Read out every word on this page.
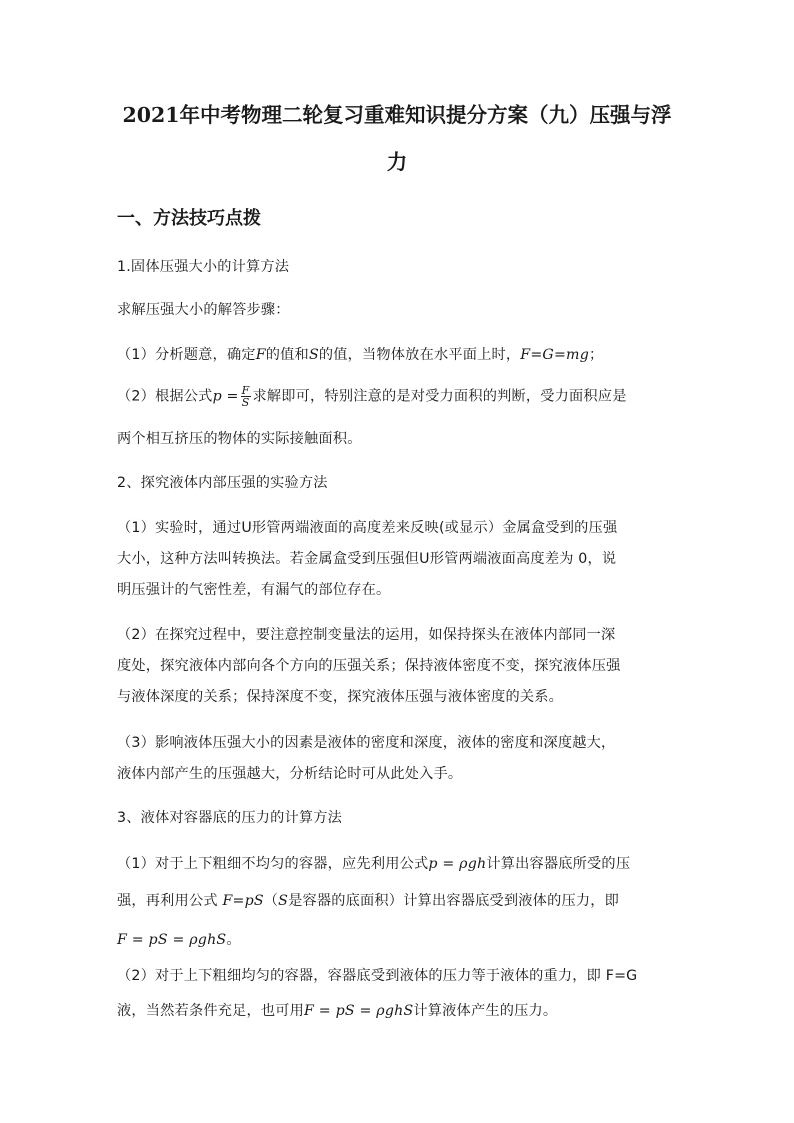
2021年中考物理二轮复习重难知识提分方案（九）压强与浮
力
一、方法技巧点拨
1.固体压强大小的计算方法
求解压强大小的解答步骤：
（1）分析题意，确定F的值和S的值，当物体放在水平面上时，F=G=mg；
（2）根据公式$p = \frac{F}{S}$ 求解即可，特别注意的是对受力面积的判断，受力面积应是
两个相互挤压的物体的实际接触面积。
2、探究液体内部压强的实验方法
（1）实验时，通过U形管两端液面的高度差来反映(或显示）金属盒受到的压强
大小，这种方法叫转换法。若金属盒受到压强但U形管两端液面高度差为 0，说
明压强计的气密性差，有漏气的部位存在。
（2）在探究过程中，要注意控制变量法的运用，如保持探头在液体内部同一深
度处，探究液体内部向各个方向的压强关系；保持液体密度不变，探究液体压强
与液体深度的关系；保持深度不变，探究液体压强与液体密度的关系。
（3）影响液体压强大小的因素是液体的密度和深度，液体的密度和深度越大，
液体内部产生的压强越大，分析结论时可从此处入手。
3、液体对容器底的压力的计算方法
（1）对于上下粗细不均匀的容器，应先利用公式p = ρgh计算出容器底所受的压
强，再利用公式 F=pS（S是容器的底面积）计算出容器底受到液体的压力，即
F = pS = ρghS。
（2）对于上下粗细均匀的容器，容器底受到液体的压力等于液体的重力，即 F=G
液，当然若条件充足，也可用F = pS = ρghS计算液体产生的压力。
